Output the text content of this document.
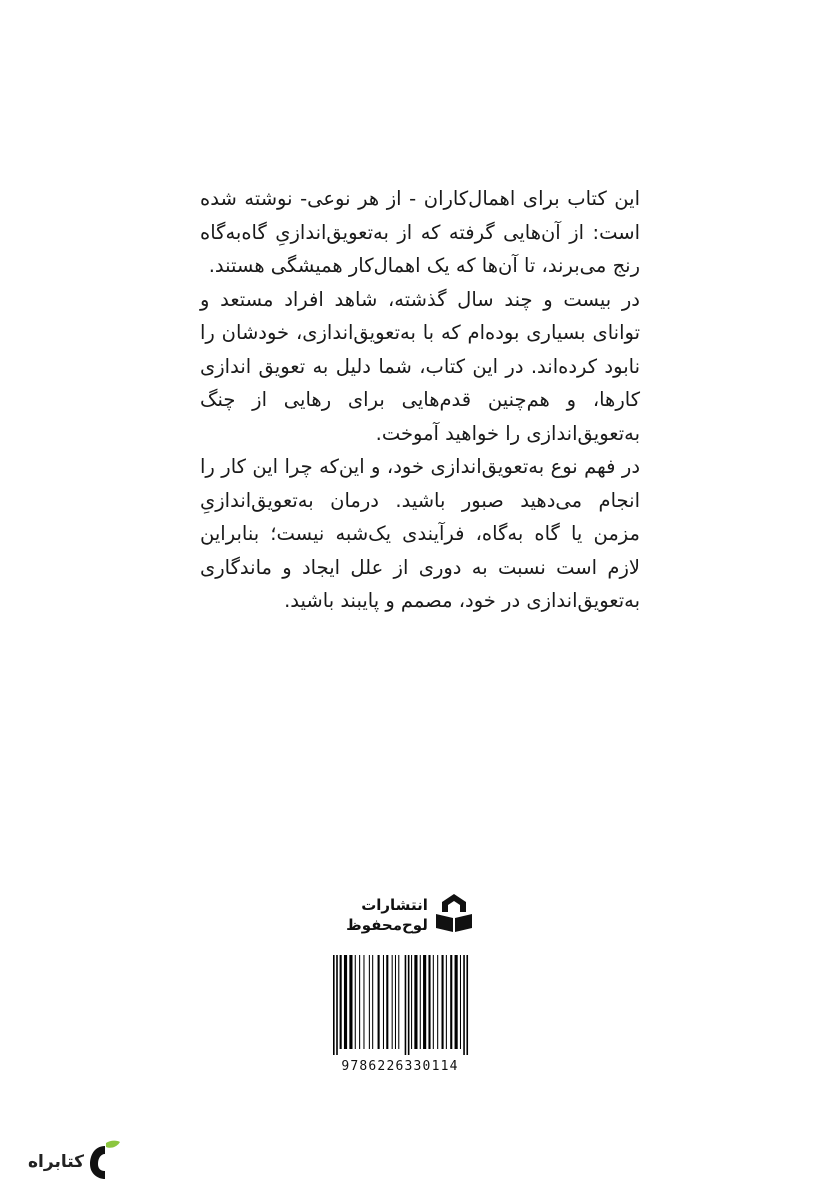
این کتاب برای اهمال‌کاران - از هر نوعی- نوشته شده است: از آن‌هایی گرفته که از به‌تعویق‌اندازیِ گاه‌به‌گاه رنج می‌برند، تا آن‌ها که یک اهمال‌کار همیشگی هستند.

در بیست و چند سال گذشته، شاهد افراد مستعد و توانای بسیاری بوده‌ام که با به‌تعویق‌اندازی، خودشان را نابود کرده‌اند. در این کتاب، شما دلیل به تعویق اندازی کارها، و هم‌چنین قدم‌هایی برای رهایی از چنگ به‌تعویق‌اندازی را خواهید آموخت.

در فهم نوع به‌تعویق‌اندازی خود، و این‌که چرا این کار را انجام می‌دهید صبور باشید. درمان به‌تعویق‌اندازیِ مزمن یا گاه به‌گاه، فرآیندی یک‌شبه نیست؛ بنابراین لازم است نسبت به دوری از علل ایجاد و ماندگاری به‌تعویق‌اندازی در خود، مصمم و پایبند باشید.

انتشارات
لوح‌محفوظ
9786226330114
کتابراه
